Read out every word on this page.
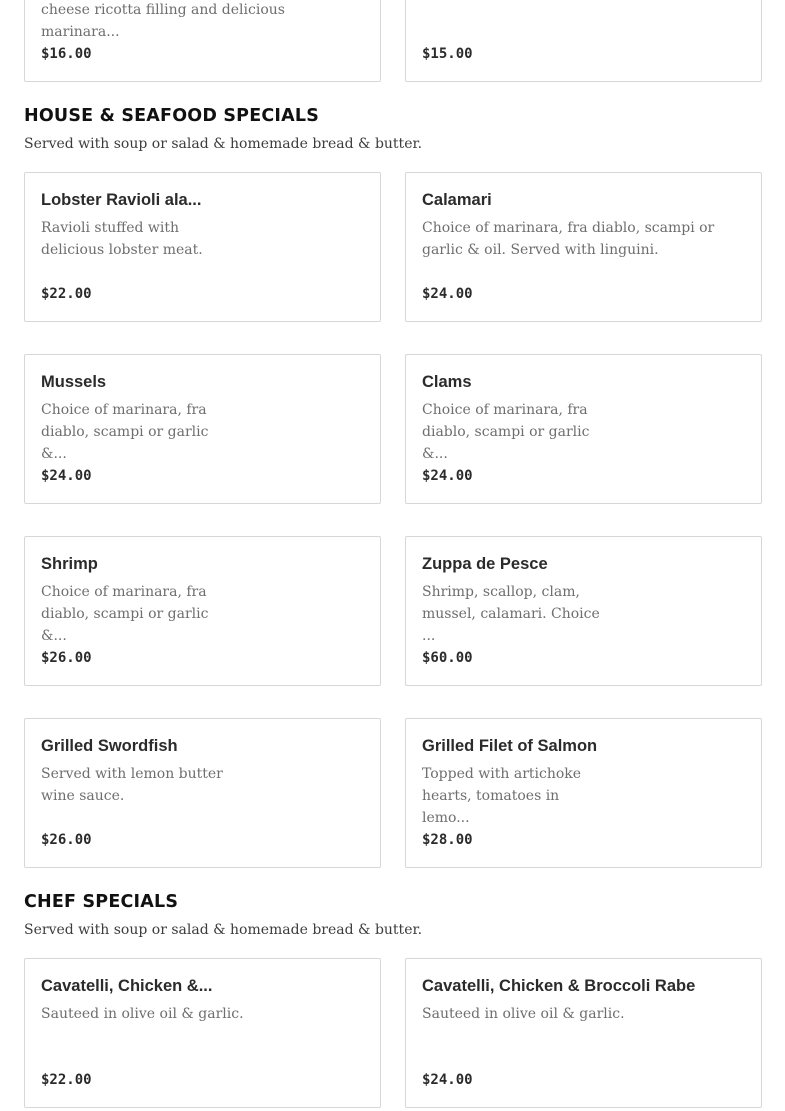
cheese ricotta filling and delicious marinara...
$16.00	$15.00
HOUSE & SEAFOOD SPECIALS
Served with soup or salad & homemade bread & butter.
Lobster Ravioli ala...
Ravioli stuffed with delicious lobster meat.
$22.00
Calamari
Choice of marinara, fra diablo, scampi or garlic & oil. Served with linguini.
$24.00
Mussels
Choice of marinara, fra diablo, scampi or garlic &...
$24.00
Clams
Choice of marinara, fra diablo, scampi or garlic &...
$24.00
Shrimp
Choice of marinara, fra diablo, scampi or garlic &...
$26.00
Zuppa de Pesce
Shrimp, scallop, clam, mussel, calamari. Choice ...
$60.00
Grilled Swordfish
Served with lemon butter wine sauce.
$26.00
Grilled Filet of Salmon
Topped with artichoke hearts, tomatoes in lemo...
$28.00
CHEF SPECIALS
Served with soup or salad & homemade bread & butter.
Cavatelli, Chicken &...
Sauteed in olive oil & garlic.
$22.00
Cavatelli, Chicken & Broccoli Rabe
Sauteed in olive oil & garlic.
$24.00
